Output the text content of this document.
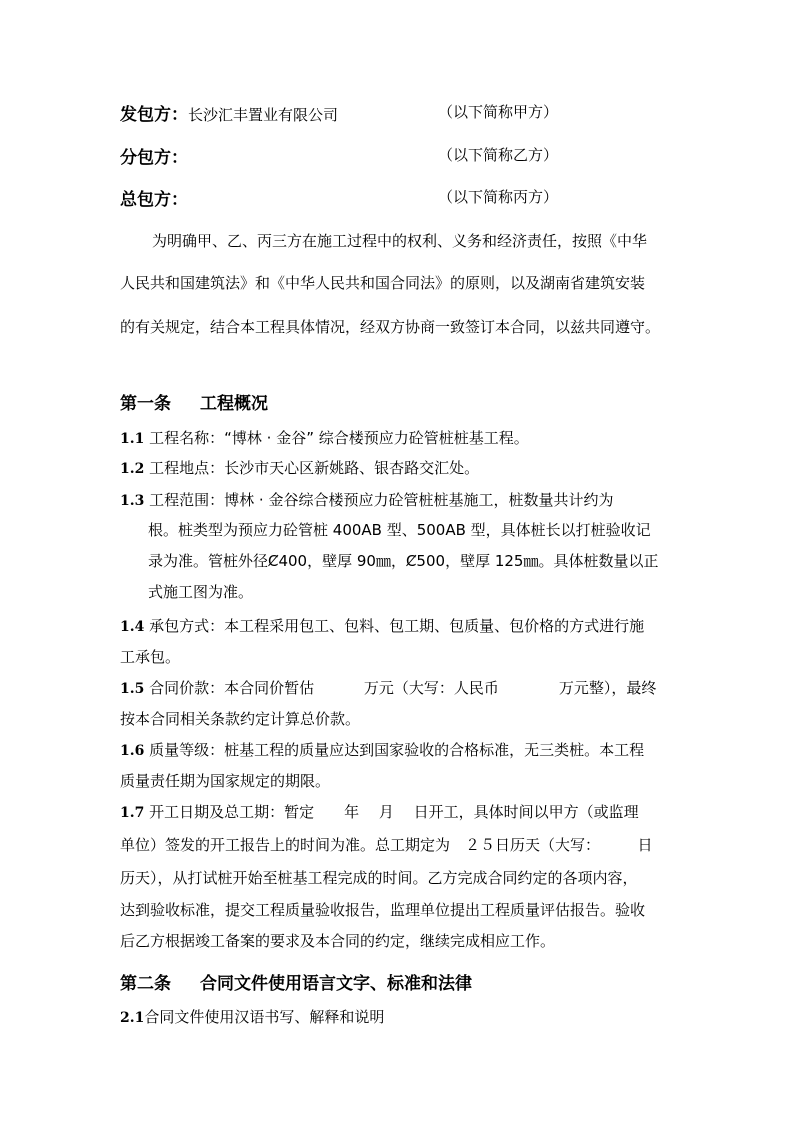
发包方：长沙汇丰置业有限公司	（以下简称甲方）
分包方：	（以下简称乙方）
总包方：	（以下简称丙方）
为明确甲、乙、丙三方在施工过程中的权利、义务和经济责任，按照《中华
人民共和国建筑法》和《中华人民共和国合同法》的原则，以及湖南省建筑安装
的有关规定，结合本工程具体情况，经双方协商一致签订本合同，以兹共同遵守。
第一条 工程概况
1.1 工程名称：“博林 · 金谷” 综合楼预应力砼管桩桩基工程。
1.2 工程地点：长沙市天心区新姚路、银杏路交汇处。
1.3 工程范围：博林 · 金谷综合楼预应力砼管桩桩基施工，桩数量共计约为
根。桩类型为预应力砼管桩 400AB 型、500AB 型，具体桩长以打桩验收记
录为准。管桩外径Ȼ400，壁厚 90㎜，Ȼ500，壁厚 125㎜。具体桩数量以正
式施工图为准。
1.4 承包方式：本工程采用包工、包料、包工期、包质量、包价格的方式进行施
工承包。
1.5 合同价款：本合同价暂估　　　 万元（大写：人民币　　　　万元整），最终
按本合同相关条款约定计算总价款。
1.6 质量等级：桩基工程的质量应达到国家验收的合格标准，无三类桩。本工程
质量责任期为国家规定的期限。
1.7 开工日期及总工期：暂定　　年　 月　 日开工，具体时间以甲方（或监理
单位）签发的开工报告上的时间为准。总工期定为　２５日历天（大写：　　　日
历天），从打试桩开始至桩基工程完成的时间。乙方完成合同约定的各项内容，
达到验收标准，提交工程质量验收报告，监理单位提出工程质量评估报告。验收
后乙方根据竣工备案的要求及本合同的约定，继续完成相应工作。
第二条 合同文件使用语言文字、标准和法律
2.1合同文件使用汉语书写、解释和说明
